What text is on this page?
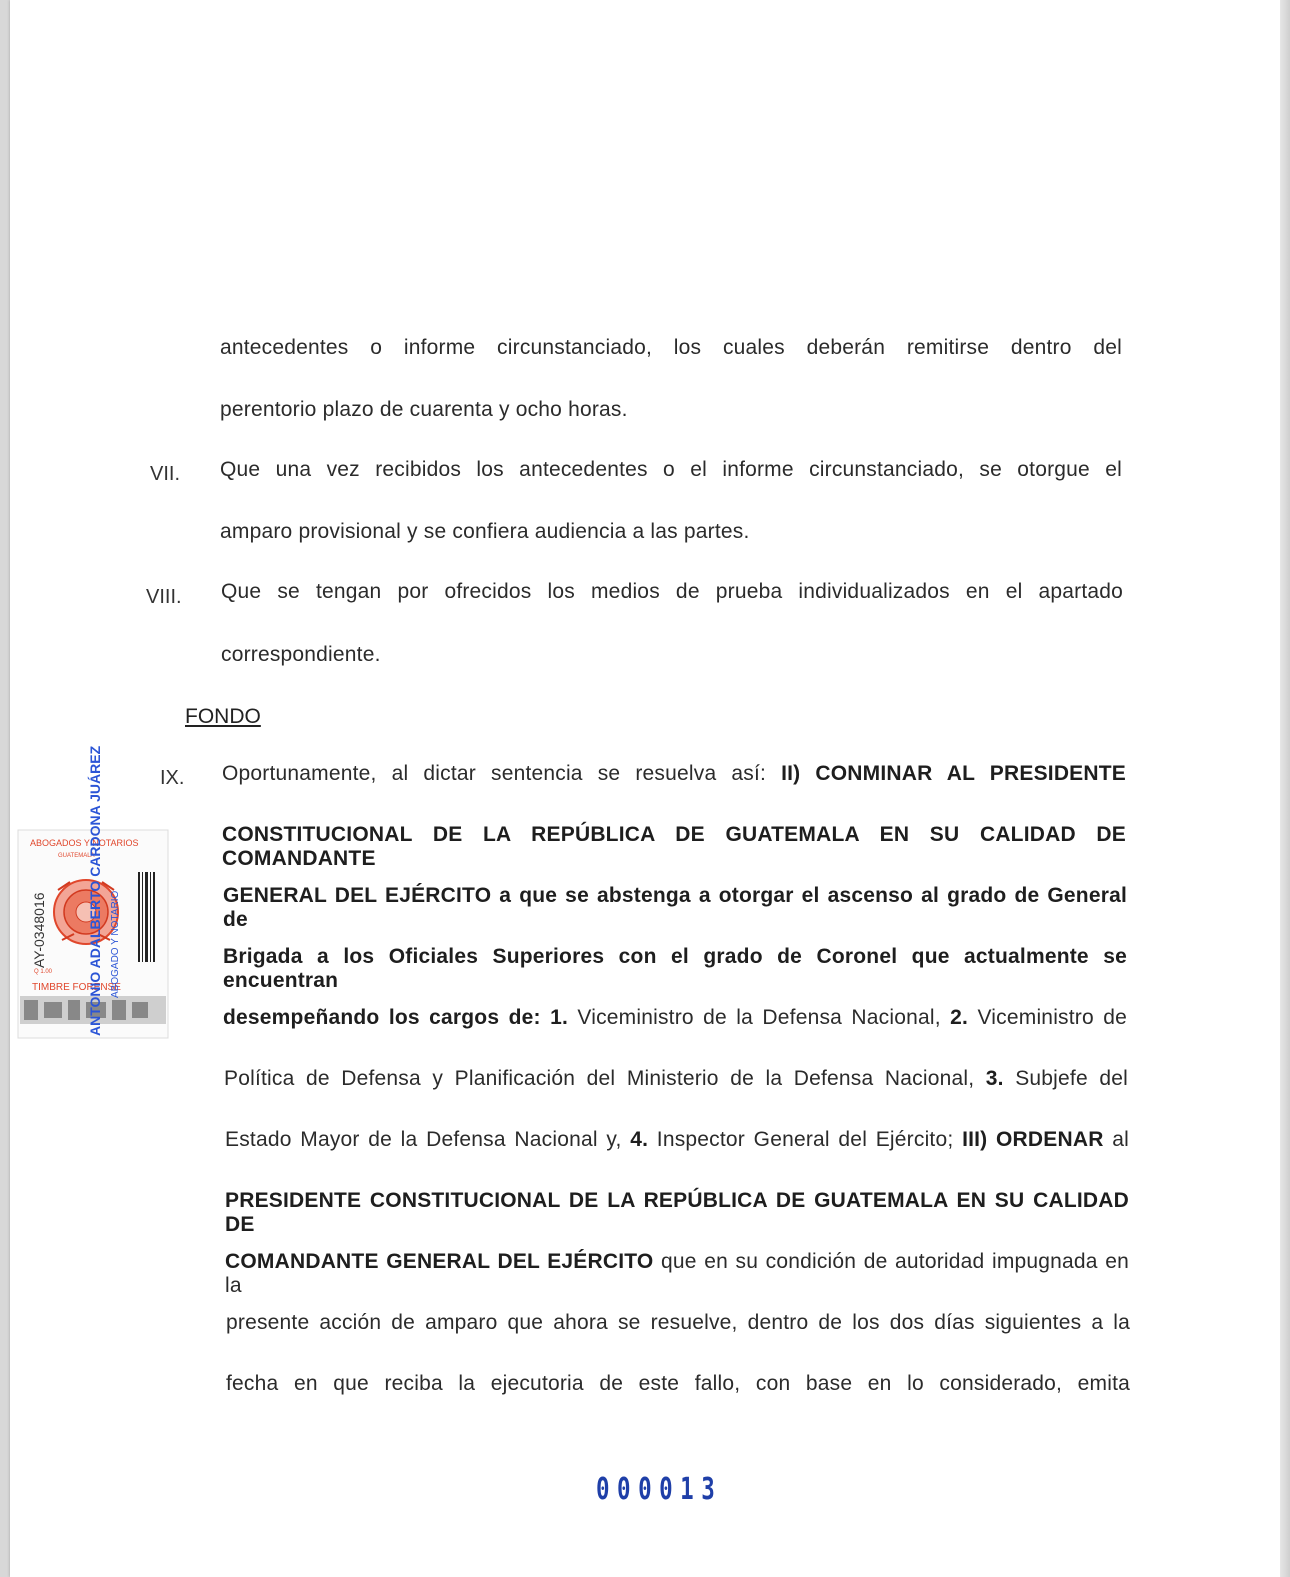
antecedentes o informe circunstanciado, los cuales deberán remitirse dentro del
perentorio plazo de cuarenta y ocho horas.
VII. Que una vez recibidos los antecedentes o el informe circunstanciado, se otorgue el
amparo provisional y se confiera audiencia a las partes.
VIII. Que se tengan por ofrecidos los medios de prueba individualizados en el apartado
correspondiente.
FONDO
IX. Oportunamente, al dictar sentencia se resuelva así: II) CONMINAR AL PRESIDENTE
CONSTITUCIONAL DE LA REPÚBLICA DE GUATEMALA EN SU CALIDAD DE COMANDANTE
GENERAL DEL EJÉRCITO a que se abstenga a otorgar el ascenso al grado de General de
Brigada a los Oficiales Superiores con el grado de Coronel que actualmente se encuentran
desempeñando los cargos de: 1. Viceministro de la Defensa Nacional, 2. Viceministro de
Política de Defensa y Planificación del Ministerio de la Defensa Nacional, 3. Subjefe del
Estado Mayor de la Defensa Nacional y, 4. Inspector General del Ejército; III) ORDENAR al
PRESIDENTE CONSTITUCIONAL DE LA REPÚBLICA DE GUATEMALA EN SU CALIDAD DE
COMANDANTE GENERAL DEL EJÉRCITO que en su condición de autoridad impugnada en la
presente acción de amparo que ahora se resuelve, dentro de los dos días siguientes a la
fecha en que reciba la ejecutoria de este fallo, con base en lo considerado, emita
ABOGADOS Y NOTARIOS
GUATEMALA
AY-0348016
Q 1.00
TIMBRE FORENSE
ANTONIO ADALBERTO CARDONA JUÁREZ ABOGADO Y NOTARIO
000013
